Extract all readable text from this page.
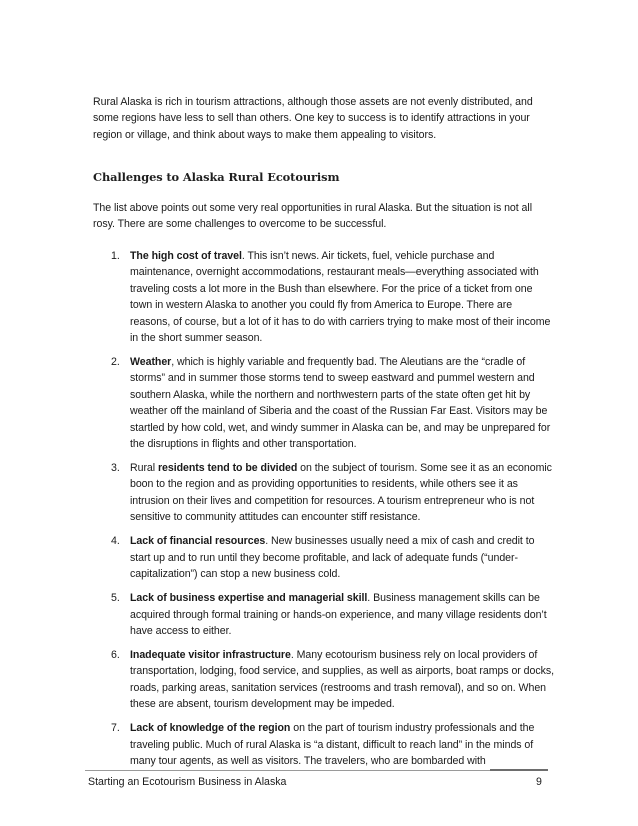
Rural Alaska is rich in tourism attractions, although those assets are not evenly distributed, and some regions have less to sell than others. One key to success is to identify attractions in your region or village, and think about ways to make them appealing to visitors.

Challenges to Alaska Rural Ecotourism

The list above points out some very real opportunities in rural Alaska. But the situation is not all rosy. There are some challenges to overcome to be successful.

1. The high cost of travel. This isn’t news. Air tickets, fuel, vehicle purchase and maintenance, overnight accommodations, restaurant meals—everything associated with traveling costs a lot more in the Bush than elsewhere. For the price of a ticket from one town in western Alaska to another you could fly from America to Europe. There are reasons, of course, but a lot of it has to do with carriers trying to make most of their income in the short summer season.
2. Weather, which is highly variable and frequently bad. The Aleutians are the “cradle of storms” and in summer those storms tend to sweep eastward and pummel western and southern Alaska, while the northern and northwestern parts of the state often get hit by weather off the mainland of Siberia and the coast of the Russian Far East. Visitors may be startled by how cold, wet, and windy summer in Alaska can be, and may be unprepared for the disruptions in flights and other transportation.
3. Rural residents tend to be divided on the subject of tourism. Some see it as an economic boon to the region and as providing opportunities to residents, while others see it as intrusion on their lives and competition for resources. A tourism entrepreneur who is not sensitive to community attitudes can encounter stiff resistance.
4. Lack of financial resources. New businesses usually need a mix of cash and credit to start up and to run until they become profitable, and lack of adequate funds (“under-capitalization”) can stop a new business cold.
5. Lack of business expertise and managerial skill. Business management skills can be acquired through formal training or hands-on experience, and many village residents don’t have access to either.
6. Inadequate visitor infrastructure. Many ecotourism business rely on local providers of transportation, lodging, food service, and supplies, as well as airports, boat ramps or docks, roads, parking areas, sanitation services (restrooms and trash removal), and so on. When these are absent, tourism development may be impeded.
7. Lack of knowledge of the region on the part of tourism industry professionals and the traveling public. Much of rural Alaska is “a distant, difficult to reach land” in the minds of many tour agents, as well as visitors. The travelers, who are bombarded with
Starting an Ecotourism Business in Alaska	9
